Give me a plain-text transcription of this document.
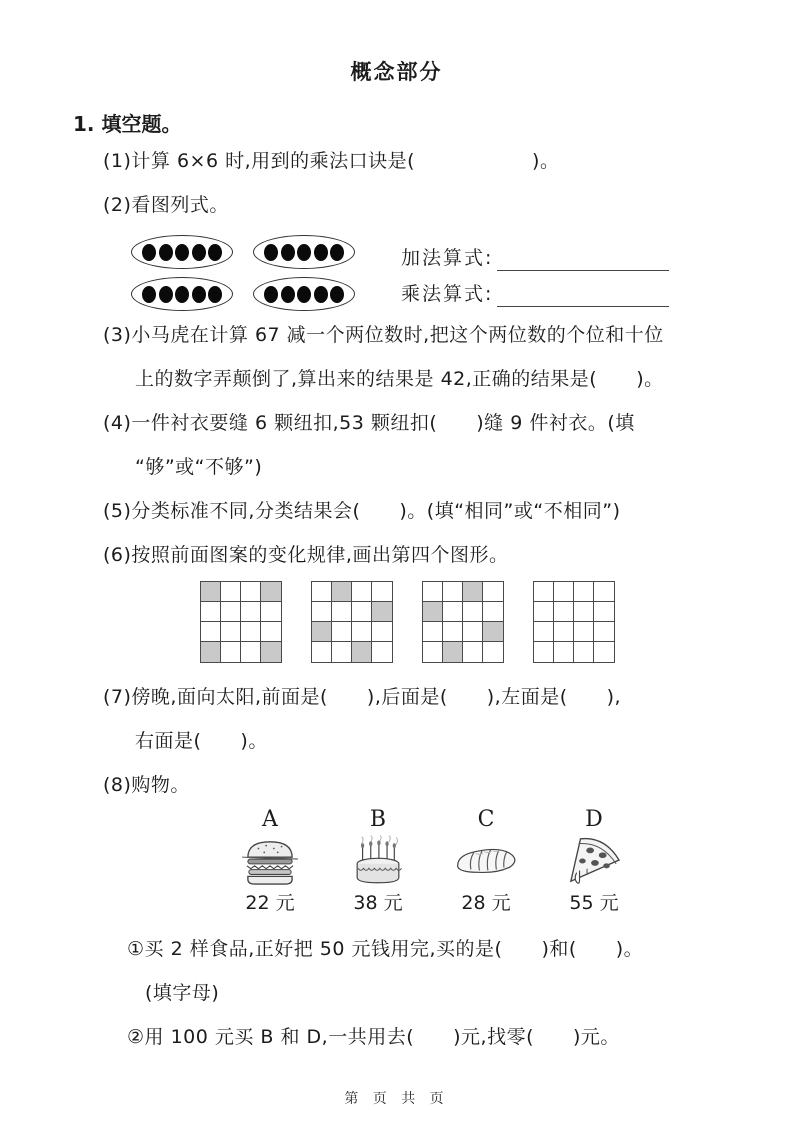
概念部分
1. 填空题。
(1)计算 6×6 时,用到的乘法口诀是(　　　　　　)。
(2)看图列式。
加法算式:
乘法算式:
(3)小马虎在计算 67 减一个两位数时,把这个两位数的个位和十位
上的数字弄颠倒了,算出来的结果是 42,正确的结果是(　　)。
(4)一件衬衣要缝 6 颗纽扣,53 颗纽扣(　　)缝 9 件衬衣。(填
“够”或“不够”)
(5)分类标准不同,分类结果会(　　)。(填“相同”或“不相同”)
(6)按照前面图案的变化规律,画出第四个图形。
(7)傍晚,面向太阳,前面是(　　),后面是(　　),左面是(　　),
右面是(　　)。
(8)购物。
A
22 元
B
38 元
C
28 元
D
55 元
①买 2 样食品,正好把 50 元钱用完,买的是(　　)和(　　)。
(填字母)
②用 100 元买 B 和 D,一共用去(　　)元,找零(　　)元。
第 页 共 页
